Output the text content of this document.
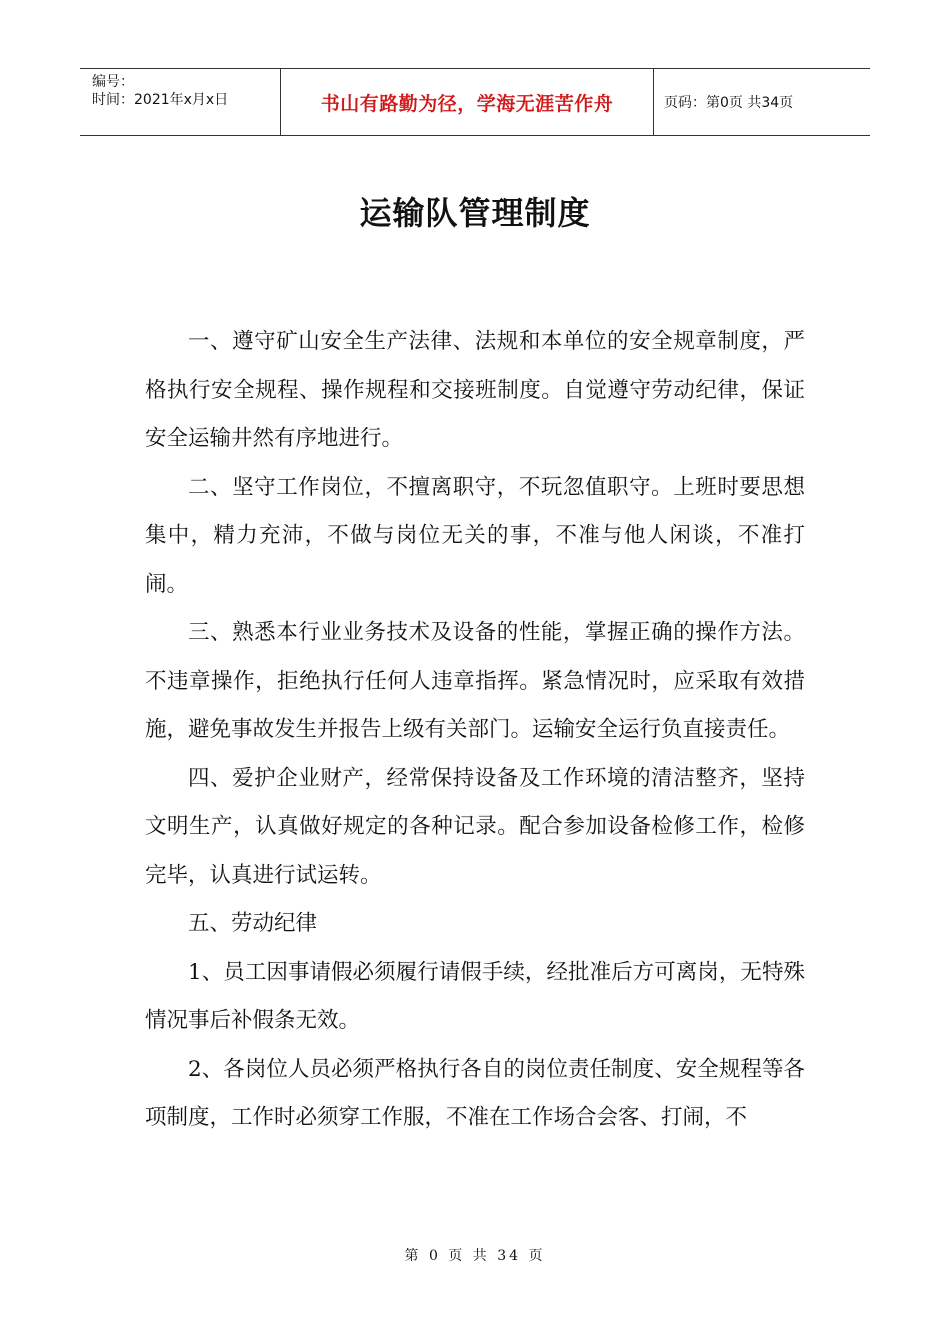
编号：
时间：2021年x月x日	书山有路勤为径，学海无涯苦作舟	页码：第0页 共34页
运输队管理制度

一、遵守矿山安全生产法律、法规和本单位的安全规章制度，严格执行安全规程、操作规程和交接班制度。自觉遵守劳动纪律，保证安全运输井然有序地进行。

二、坚守工作岗位，不擅离职守，不玩忽值职守。上班时要思想集中，精力充沛，不做与岗位无关的事，不准与他人闲谈，不准打闹。

三、熟悉本行业业务技术及设备的性能，掌握正确的操作方法。不违章操作，拒绝执行任何人违章指挥。紧急情况时，应采取有效措施，避免事故发生并报告上级有关部门。运输安全运行负直接责任。

四、爱护企业财产，经常保持设备及工作环境的清洁整齐，坚持文明生产，认真做好规定的各种记录。配合参加设备检修工作，检修完毕，认真进行试运转。

五、劳动纪律

1、员工因事请假必须履行请假手续，经批准后方可离岗，无特殊情况事后补假条无效。

2、各岗位人员必须严格执行各自的岗位责任制度、安全规程等各项制度，工作时必须穿工作服，不准在工作场合会客、打闹，不

第 0 页 共 34 页
